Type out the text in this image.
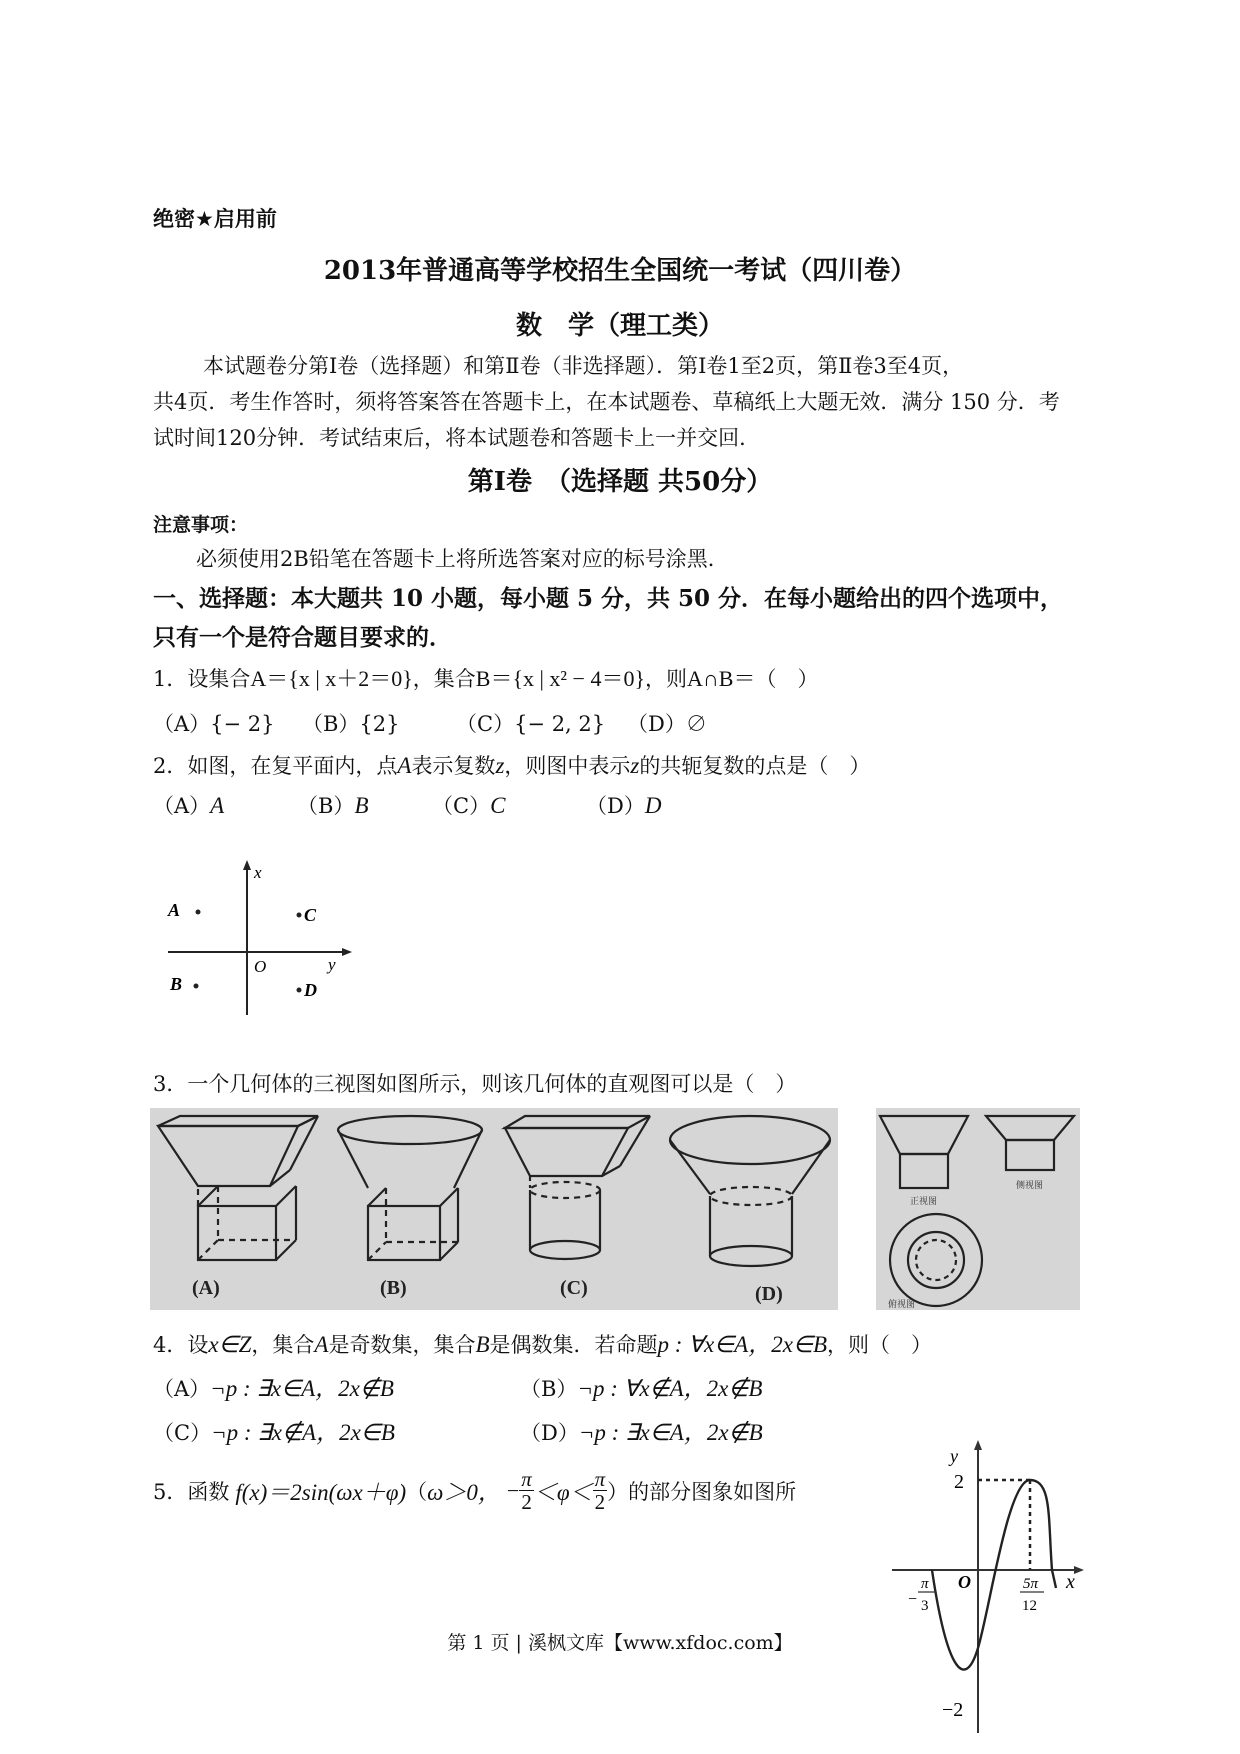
绝密★启用前
2013年普通高等学校招生全国统一考试（四川卷）
数　学（理工类）
本试题卷分第Ⅰ卷（选择题）和第Ⅱ卷（非选择题）．第Ⅰ卷1至2页，第Ⅱ卷3至4页，
共4页．考生作答时，须将答案答在答题卡上，在本试题卷、草稿纸上大题无效．满分 150 分．考
试时间120分钟．考试结束后，将本试题卷和答题卡上一并交回．
第Ⅰ卷　（选择题 共50分）
注意事项：
必须使用2B铅笔在答题卡上将所选答案对应的标号涂黑．
一、选择题：本大题共 10 小题，每小题 5 分，共 50 分．在每小题给出的四个选项中，
只有一个是符合题目要求的．
1．设集合A＝{x | x＋2＝0}，集合B＝{x | x² − 4＝0}，则A∩B＝（　）
（A）{− 2} （B）{2}	（C）{− 2, 2} （D）∅
2．如图，在复平面内，点A表示复数z，则图中表示z的共轭复数的点是（　）
（A）A	（B）B	（C）C	（D）D
x
y
O
A
B
C
D
3．一个几何体的三视图如图所示，则该几何体的直观图可以是（　）
(A)	(B)	(C)	(D)
正视图
侧视图
俯视图
4．设x∈Z，集合A是奇数集，集合B是偶数集．若命题p : ∀x∈A，2x∈B，则（　）
（A）¬p : ∃x∈A，2x∉B	（B）¬p : ∀x∉A，2x∉B
（C）¬p : ∃x∉A，2x∈B	（D）¬p : ∃x∈A，2x∉B
5．函数 f(x)＝2sin(ωx＋φ) （ ω＞0， − $\frac{\pi}{2} <\varphi< \frac{\pi}{2}$ ）的部分图象如图所
y
x
O
2
−2
−
π
3
5π
12
第 1 页 | 溪枫文库【www.xfdoc.com】
